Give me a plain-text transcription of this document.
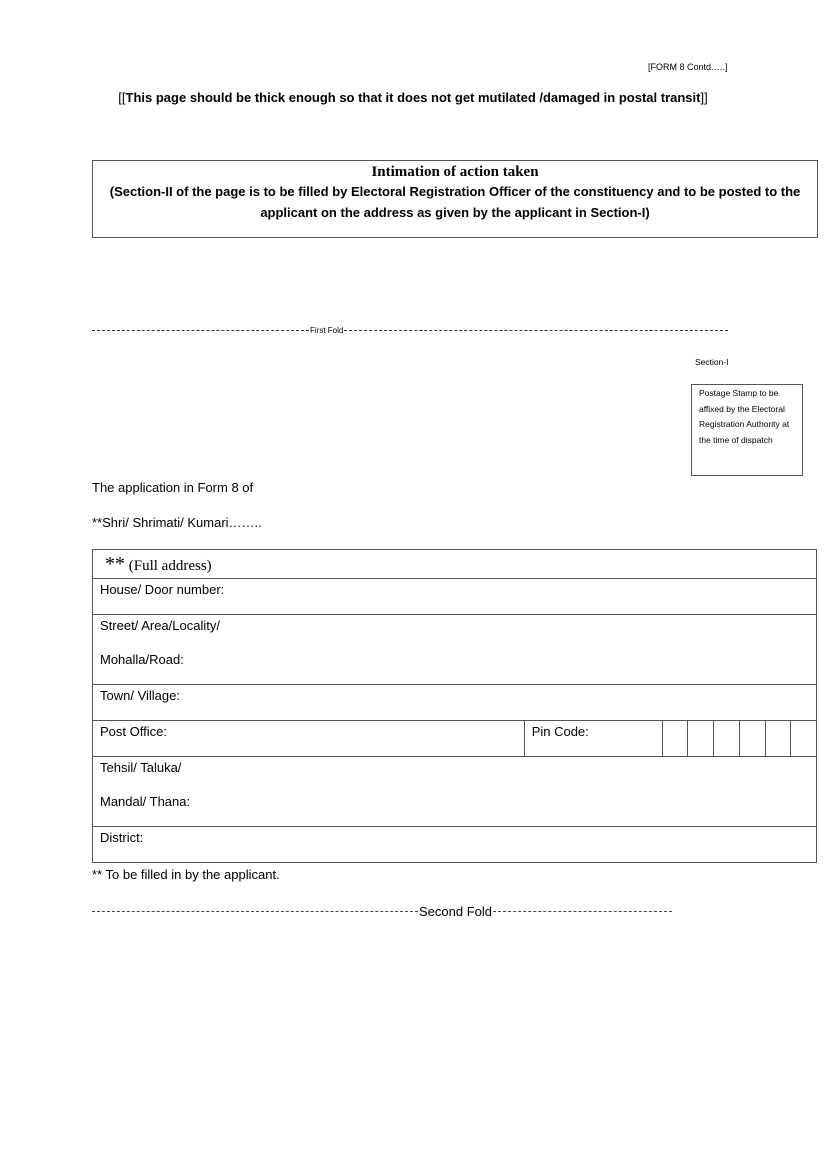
[FORM 8 Contd.….]
[[This page should be thick enough so that it does not get mutilated /damaged in postal transit]]
Intimation of action taken
(Section-II of the page is to be filled by Electoral Registration Officer of the constituency and to be posted to the applicant on the address as given by the applicant in Section-I)
First Fold
Section-I
Postage Stamp to be affixed by the Electoral Registration Authority at the time of dispatch
The application in Form 8 of
**Shri/ Shrimati/ Kumari……..
** (Full address)
House/ Door number:

Street/ Area/Locality/
Mohalla/Road:

Town/ Village:
Post Office:	Pin Code:						

Tehsil/ Taluka/
Mandal/ Thana:

District:
** To be filled in by the applicant.
Second Fold
